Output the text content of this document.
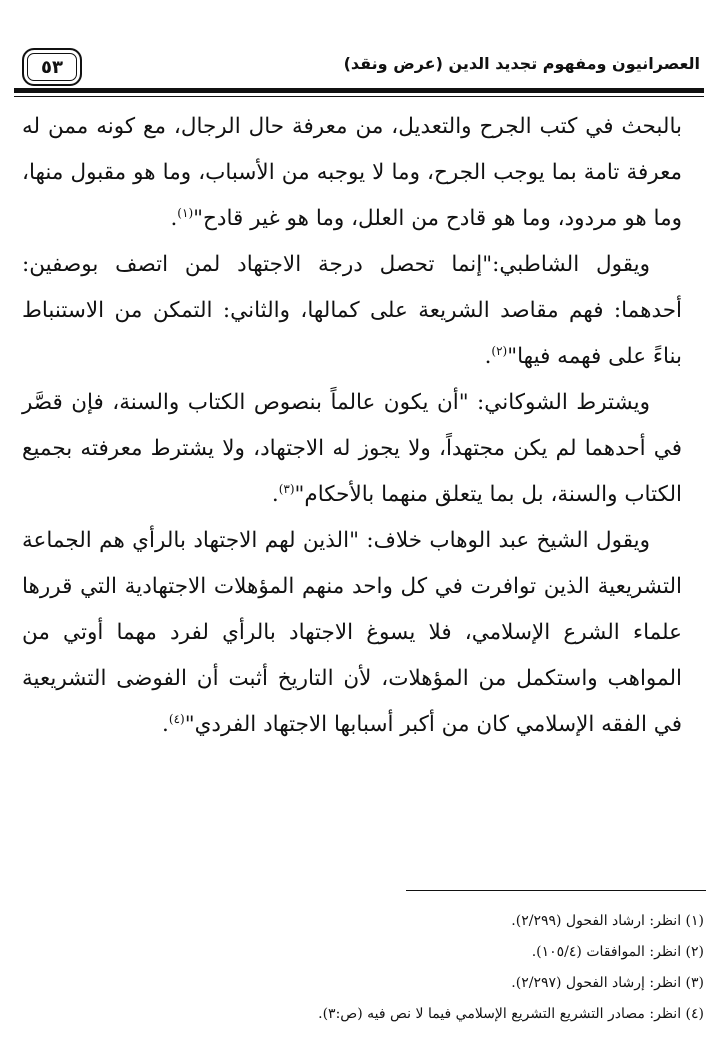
٥٣	العصرانيون ومفهوم تجديد الدين (عرض ونقد)

بالبحث في كتب الجرح والتعديل، من معرفة حال الرجال، مع كونه ممن له معرفة تامة بما يوجب الجرح، وما لا يوجبه من الأسباب، وما هو مقبول منها، وما هو مردود، وما هو قادح من العلل، وما هو غير قادح"$^{(١)}$.

ويقول الشاطبي:"إنما تحصل درجة الاجتهاد لمن اتصف بوصفين: أحدهما: فهم مقاصد الشريعة على كمالها، والثاني: التمكن من الاستنباط بناءً على فهمه فيها"$^{(٢)}$.

ويشترط الشوكاني: "أن يكون عالماً بنصوص الكتاب والسنة، فإن قصَّر في أحدهما لم يكن مجتهداً، ولا يجوز له الاجتهاد، ولا يشترط معرفته بجميع الكتاب والسنة، بل بما يتعلق منهما بالأحكام"$^{(٣)}$.

ويقول الشيخ عبد الوهاب خلاف: "الذين لهم الاجتهاد بالرأي هم الجماعة التشريعية الذين توافرت في كل واحد منهم المؤهلات الاجتهادية التي قررها علماء الشرع الإسلامي، فلا يسوغ الاجتهاد بالرأي لفرد مهما أوتي من المواهب واستكمل من المؤهلات، لأن التاريخ أثبت أن الفوضى التشريعية في الفقه الإسلامي كان من أكبر أسبابها الاجتهاد الفردي"$^{(٤)}$.

(١) انظر: ارشاد الفحول (٢/٢٩٩).
(٢) انظر: الموافقات (١٠٥/٤).
(٣) انظر: إرشاد الفحول (٢/٢٩٧).
(٤) انظر: مصادر التشريع التشريع الإسلامي فيما لا نص فيه (ص:٣).
